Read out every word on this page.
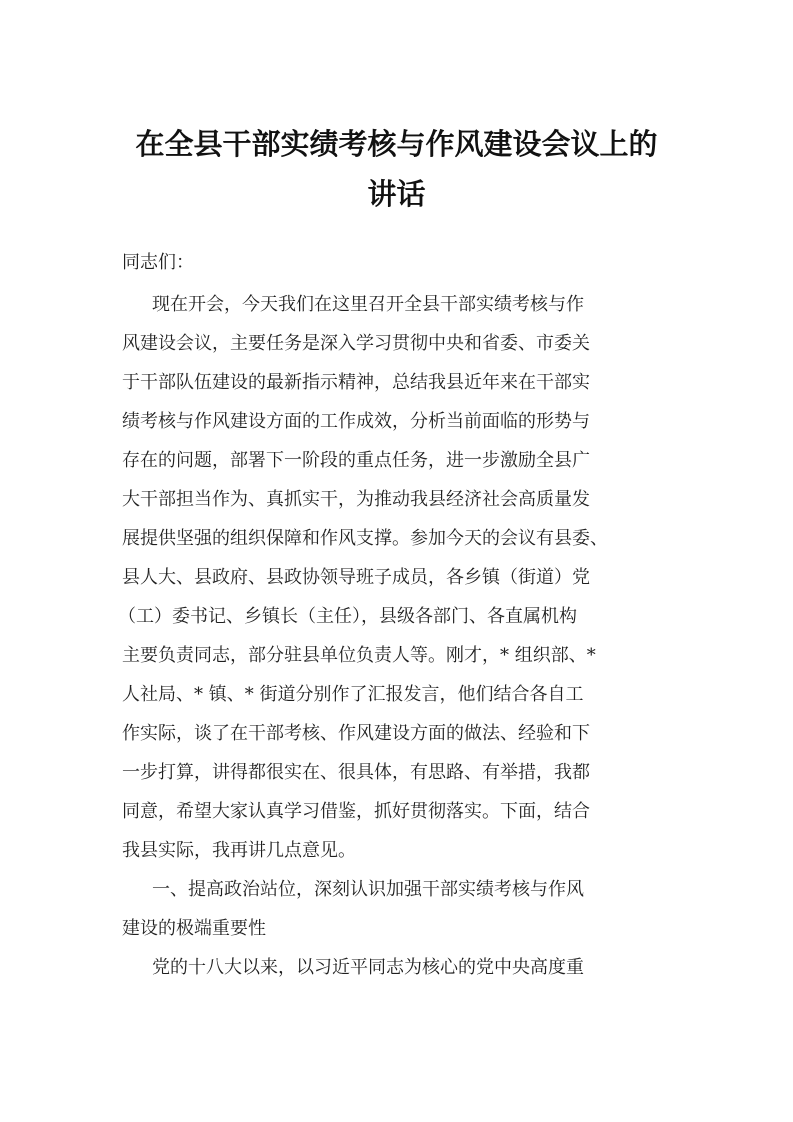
在全县干部实绩考核与作风建设会议上的
讲话
同志们：
现在开会，今天我们在这里召开全县干部实绩考核与作
风建设会议，主要任务是深入学习贯彻中央和省委、市委关
于干部队伍建设的最新指示精神，总结我县近年来在干部实
绩考核与作风建设方面的工作成效，分析当前面临的形势与
存在的问题，部署下一阶段的重点任务，进一步激励全县广
大干部担当作为、真抓实干，为推动我县经济社会高质量发
展提供坚强的组织保障和作风支撑。参加今天的会议有县委、
县人大、县政府、县政协领导班子成员，各乡镇（街道）党
（工）委书记、乡镇长（主任），县级各部门、各直属机构
主要负责同志，部分驻县单位负责人等。刚才，* 组织部、*
人社局、* 镇、* 街道分别作了汇报发言，他们结合各自工
作实际，谈了在干部考核、作风建设方面的做法、经验和下
一步打算，讲得都很实在、很具体，有思路、有举措，我都
同意，希望大家认真学习借鉴，抓好贯彻落实。下面，结合
我县实际，我再讲几点意见。
一、提高政治站位，深刻认识加强干部实绩考核与作风
建设的极端重要性
党的十八大以来，以习近平同志为核心的党中央高度重
